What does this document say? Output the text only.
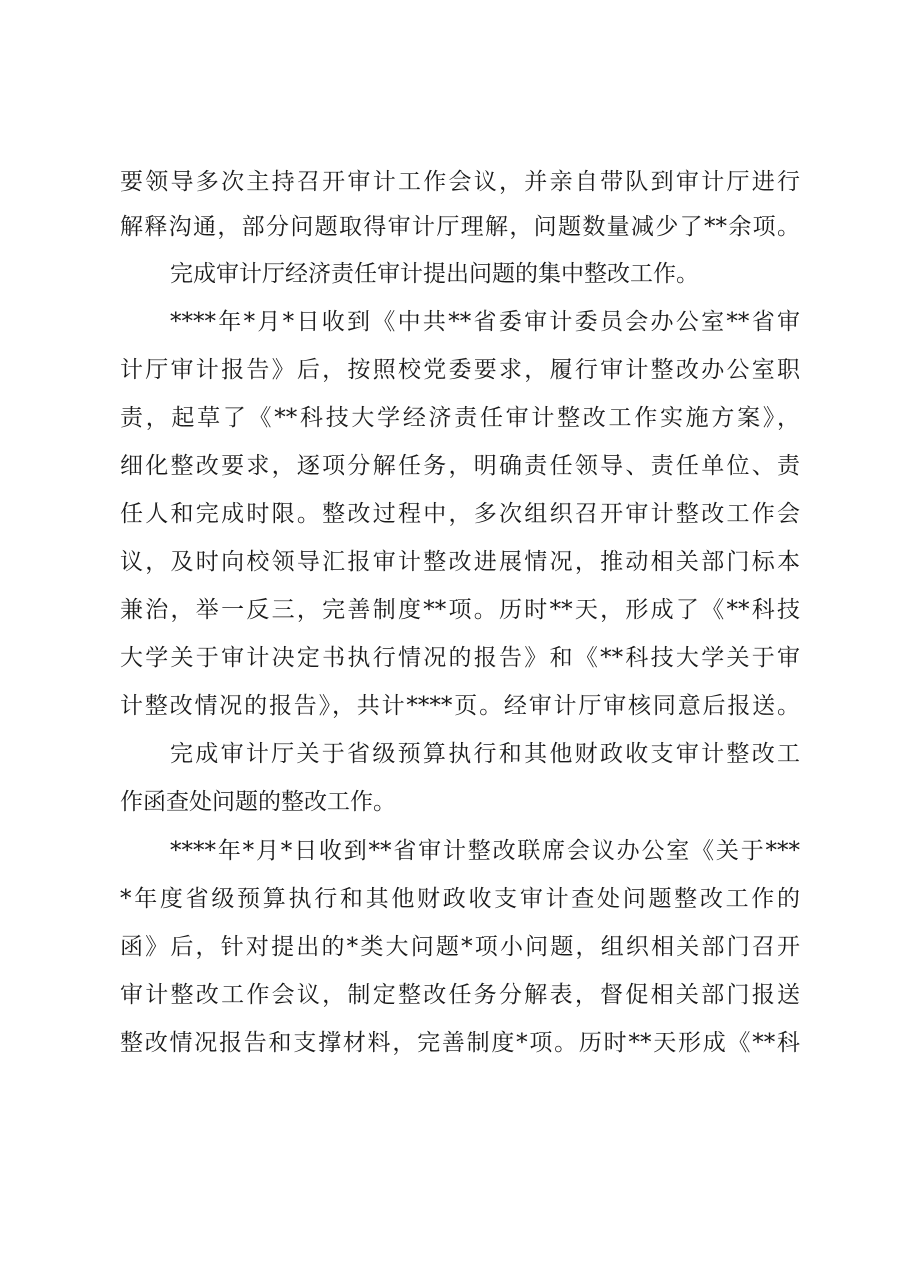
要领导多次主持召开审计工作会议，并亲自带队到审计厅进行
解释沟通，部分问题取得审计厅理解，问题数量减少了**余项。
完成审计厅经济责任审计提出问题的集中整改工作。
****年*月*日收到《中共**省委审计委员会办公室**省审
计厅审计报告》后，按照校党委要求，履行审计整改办公室职
责，起草了《**科技大学经济责任审计整改工作实施方案》，
细化整改要求，逐项分解任务，明确责任领导、责任单位、责
任人和完成时限。整改过程中，多次组织召开审计整改工作会
议，及时向校领导汇报审计整改进展情况，推动相关部门标本
兼治，举一反三，完善制度**项。历时**天，形成了《**科技
大学关于审计决定书执行情况的报告》和《**科技大学关于审
计整改情况的报告》，共计****页。经审计厅审核同意后报送。
完成审计厅关于省级预算执行和其他财政收支审计整改工
作函查处问题的整改工作。
****年*月*日收到**省审计整改联席会议办公室《关于***
*年度省级预算执行和其他财政收支审计查处问题整改工作的
函》后，针对提出的*类大问题*项小问题，组织相关部门召开
审计整改工作会议，制定整改任务分解表，督促相关部门报送
整改情况报告和支撑材料，完善制度*项。历时**天形成《**科
